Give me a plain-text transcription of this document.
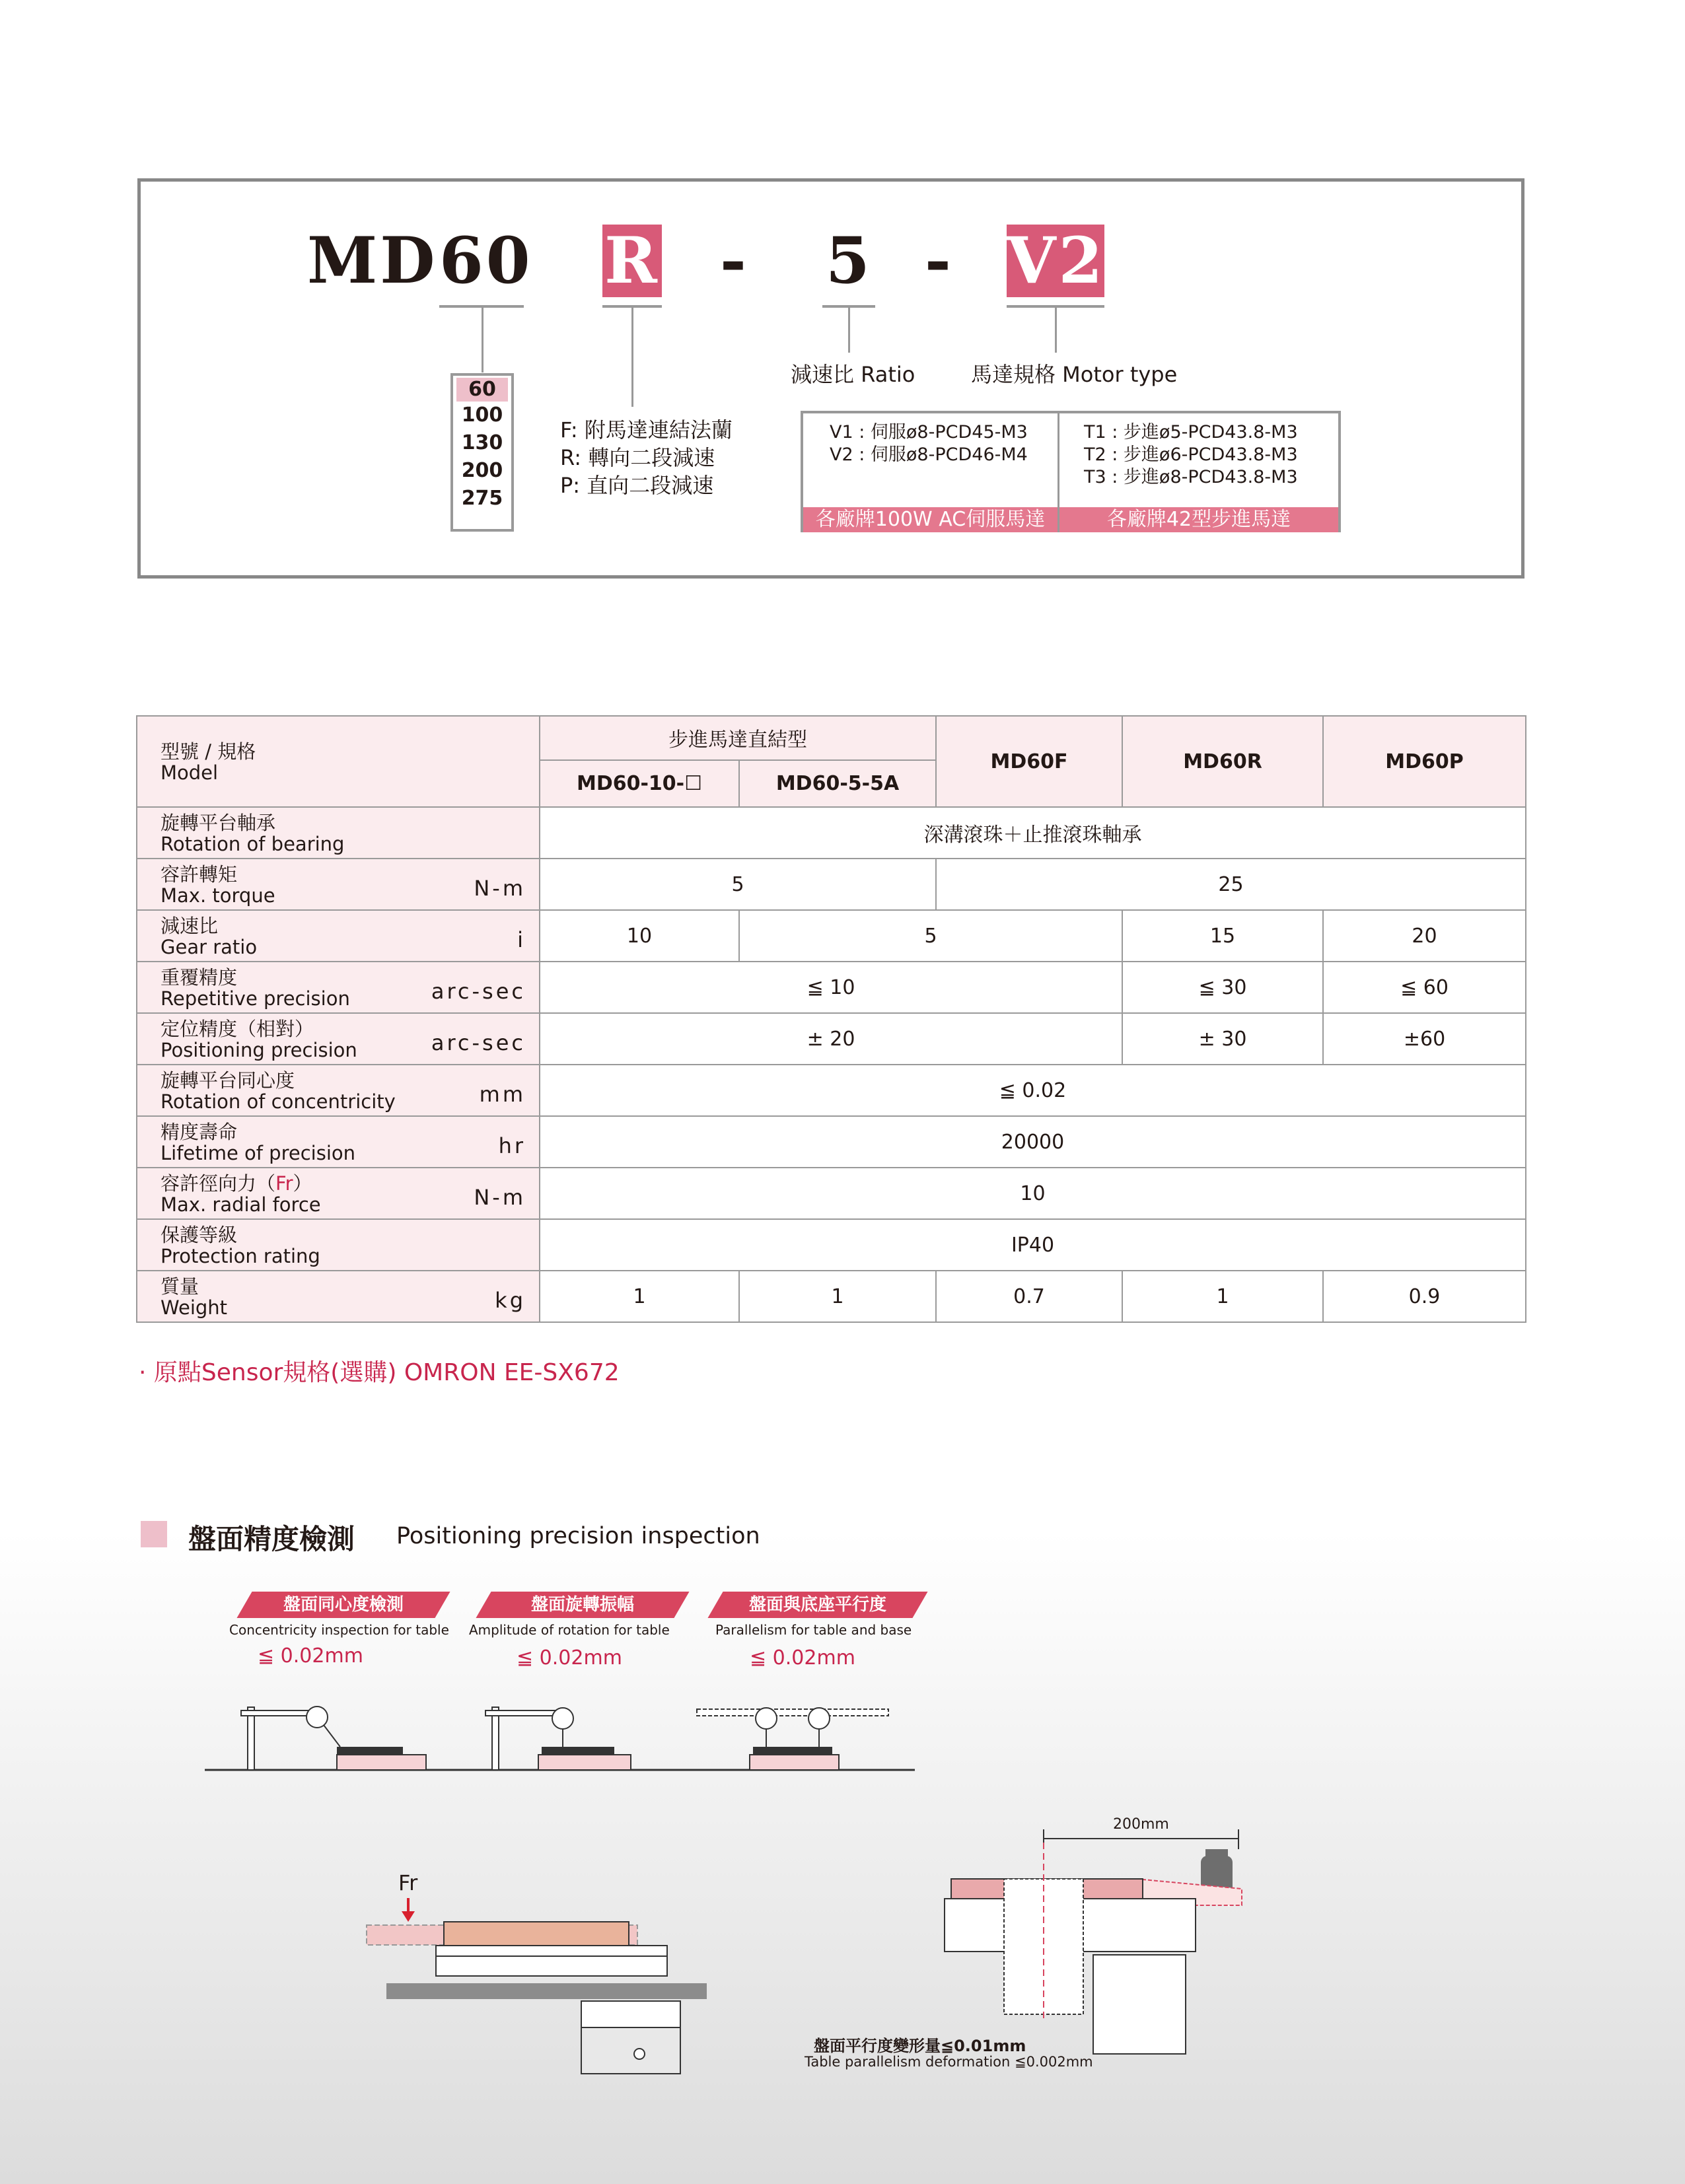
MD 60 R - 5 - V2
60
100
130
200
275
F: 附馬達連結法蘭
R: 轉向二段減速
P: 直向二段減速
減速比 Ratio	馬達規格 Motor type
V1 : 伺服ø8-PCD45-M3
V2 : 伺服ø8-PCD46-M4
T1 : 步進ø5-PCD43.8-M3
T2 : 步進ø6-PCD43.8-M3
T3 : 步進ø8-PCD43.8-M3
各廠牌100W AC伺服馬達	各廠牌42型步進馬達
型號 / 規格
Model	步進馬達直結型		MD60F	MD60R	MD60P
	MD60-10-☐	MD60-5-5A			

旋轉平台軸承
Rotation of bearing	深溝滾珠＋止推滾珠軸承				

容許轉矩
Max. torque N-m	5		25		

減速比
Gear ratio i	10	5		15	20

重覆精度
Repetitive precision arc-sec	≦ 10			≦ 30	≦ 60

定位精度（相對）
Positioning precision arc-sec	± 20			± 30	±60

旋轉平台同心度
Rotation of concentricity mm	≦ 0.02				

精度壽命
Lifetime of precision hr	20000				

容許徑向力（Fr）
Max. radial force N-m	10				

保護等級
Protection rating	IP40				

質量
Weight kg	1	1	0.7	1	0.9
· 原點Sensor規格(選購) OMRON EE-SX672
盤面精度檢測 Positioning precision inspection
盤面同心度檢測	盤面旋轉振幅	盤面與底座平行度
Concentricity inspection for table Amplitude of rotation for table	Parallelism for table and base
≦ 0.02mm	≦ 0.02mm	≦ 0.02mm
Fr
200mm
盤面平行度變形量≦0.01mm
Table parallelism deformation ≦0.002mm
